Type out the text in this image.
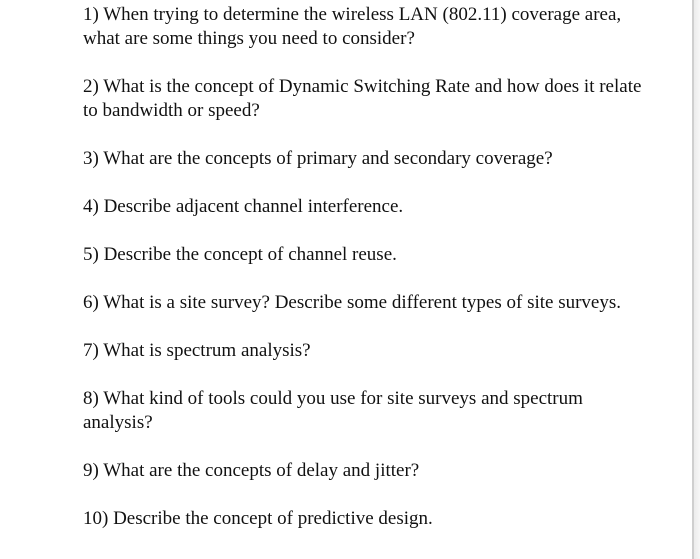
1) When trying to determine the wireless LAN (802.11) coverage area, what are some things you need to consider?
2) What is the concept of Dynamic Switching Rate and how does it relate to bandwidth or speed?
3) What are the concepts of primary and secondary coverage?
4) Describe adjacent channel interference.
5) Describe the concept of channel reuse.
6) What is a site survey? Describe some different types of site surveys.
7) What is spectrum analysis?
8) What kind of tools could you use for site surveys and spectrum analysis?
9) What are the concepts of delay and jitter?
10) Describe the concept of predictive design.
